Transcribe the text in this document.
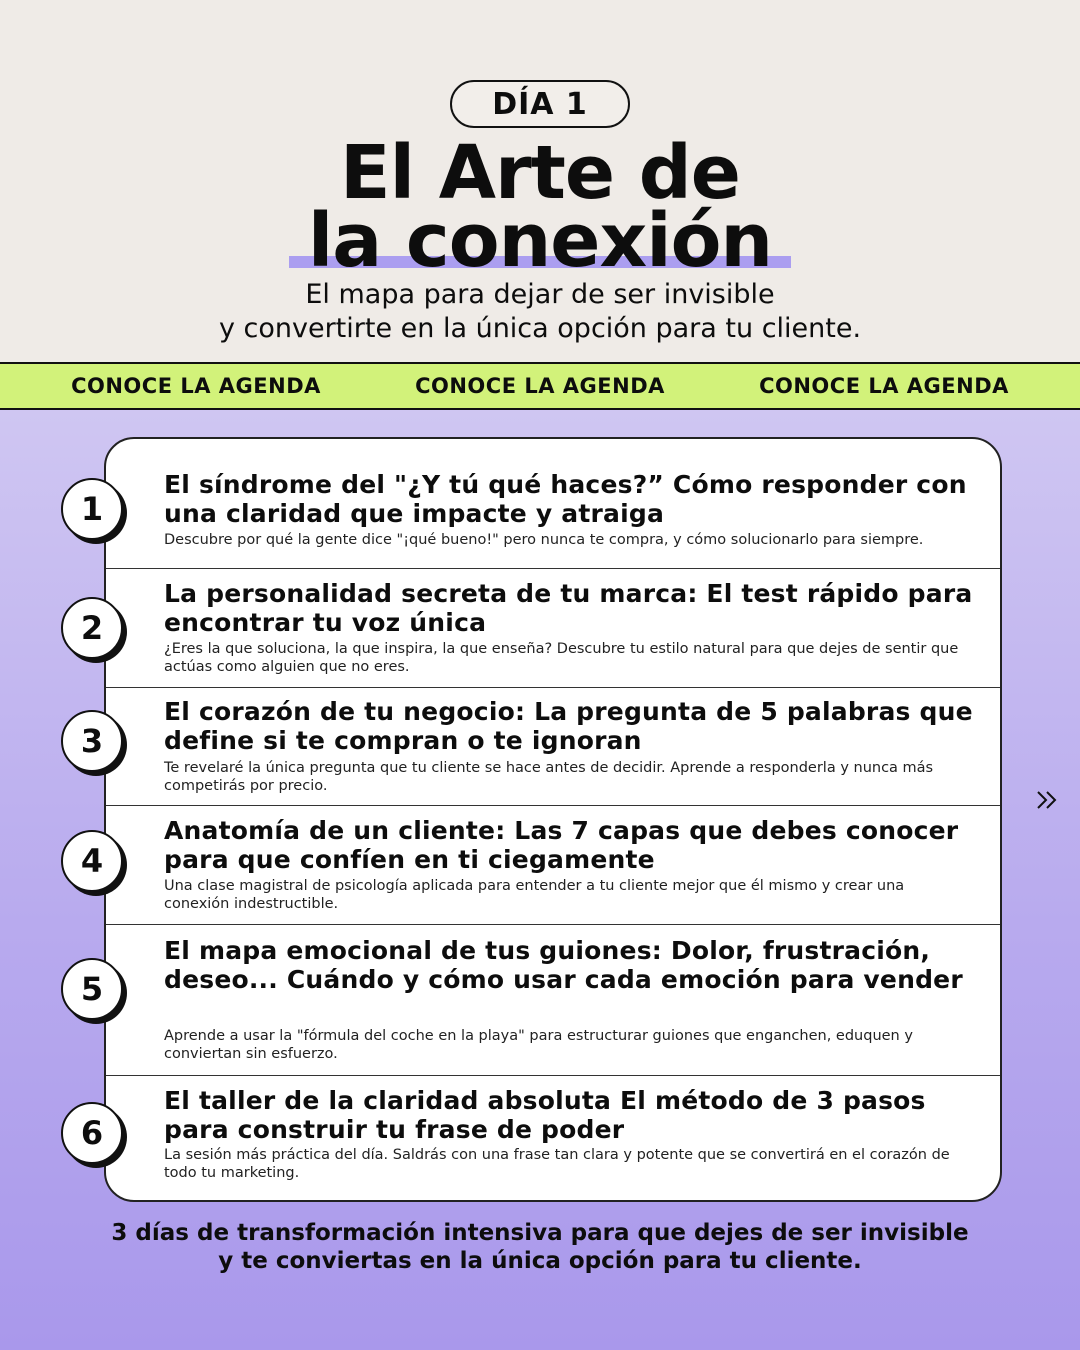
DÍA 1
El Arte de
la conexión
El mapa para dejar de ser invisible
y convertirte en la única opción para tu cliente.
CONOCE LA AGENDA	CONOCE LA AGENDA	CONOCE LA AGENDA
El síndrome del "¿Y tú qué haces?” Cómo responder con una claridad que impacte y atraiga
Descubre por qué la gente dice "¡qué bueno!" pero nunca te compra, y cómo solucionarlo para siempre.
La personalidad secreta de tu marca: El test rápido para encontrar tu voz única
¿Eres la que soluciona, la que inspira, la que enseña? Descubre tu estilo natural para que dejes de sentir que actúas como alguien que no eres.
El corazón de tu negocio: La pregunta de 5 palabras que define si te compran o te ignoran
Te revelaré la única pregunta que tu cliente se hace antes de decidir. Aprende a responderla y nunca más competirás por precio.
Anatomía de un cliente: Las 7 capas que debes conocer para que confíen en ti ciegamente
Una clase magistral de psicología aplicada para entender a tu cliente mejor que él mismo y crear una conexión indestructible.
El mapa emocional de tus guiones: Dolor, frustración, deseo... Cuándo y cómo usar cada emoción para vender
Aprende a usar la "fórmula del coche en la playa" para estructurar guiones que enganchen, eduquen y conviertan sin esfuerzo.
El taller de la claridad absoluta El método de 3 pasos para construir tu frase de poder
La sesión más práctica del día. Saldrás con una frase tan clara y potente que se convertirá en el corazón de todo tu marketing.
1
2
3
4
5
6
3 días de transformación intensiva para que dejes de ser invisible
y te conviertas en la única opción para tu cliente.
